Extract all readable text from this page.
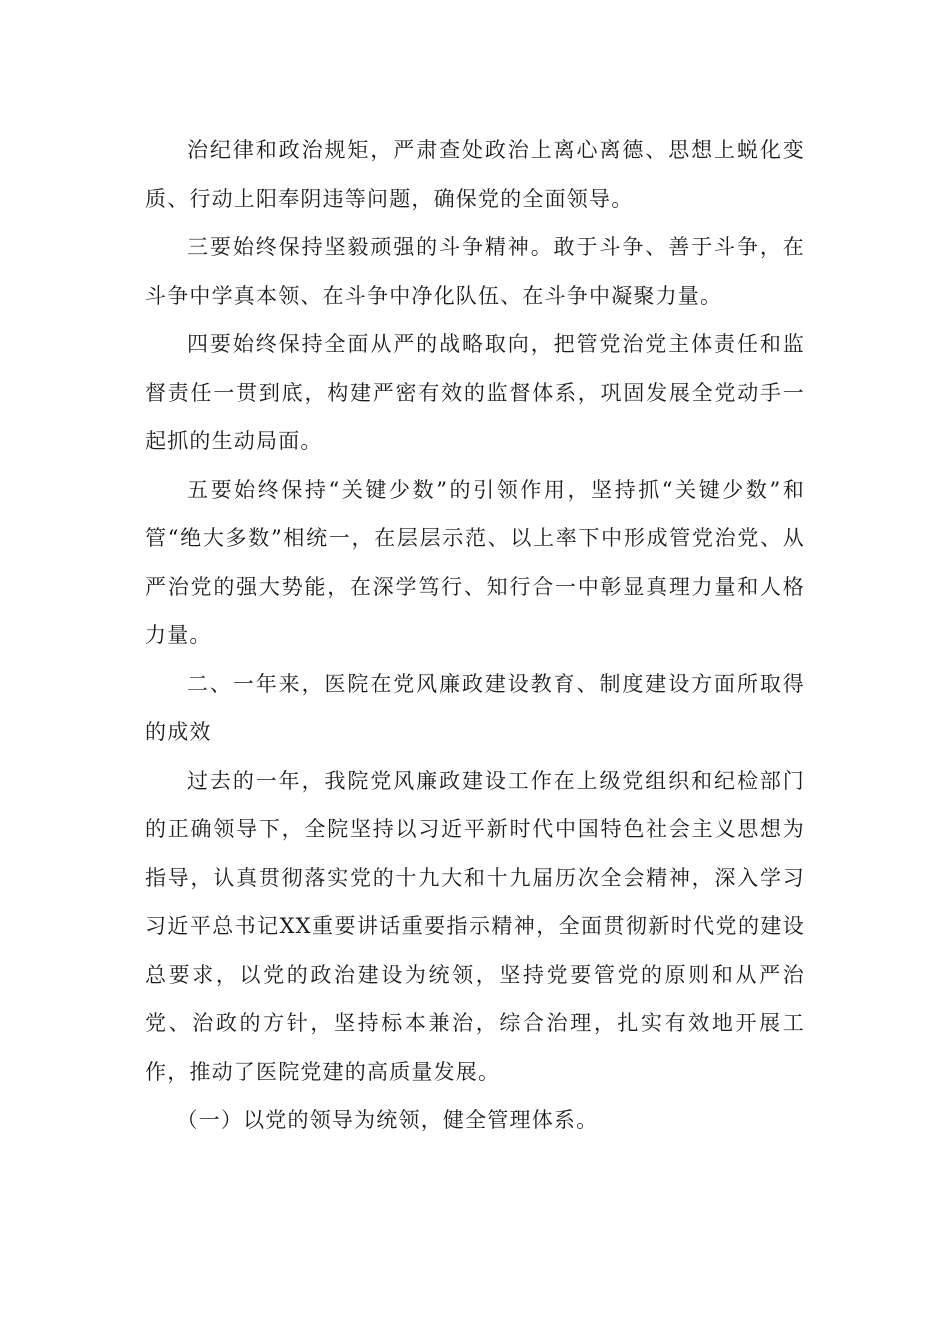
治纪律和政治规矩，严肃查处政治上离心离德、思想上蜕化变质、行动上阳奉阴违等问题，确保党的全面领导。

三要始终保持坚毅顽强的斗争精神。敢于斗争、善于斗争，在斗争中学真本领、在斗争中净化队伍、在斗争中凝聚力量。

四要始终保持全面从严的战略取向，把管党治党主体责任和监督责任一贯到底，构建严密有效的监督体系，巩固发展全党动手一起抓的生动局面。

五要始终保持“关键少数”的引领作用，坚持抓“关键少数”和管“绝大多数”相统一，在层层示范、以上率下中形成管党治党、从严治党的强大势能，在深学笃行、知行合一中彰显真理力量和人格力量。

二、一年来，医院在党风廉政建设教育、制度建设方面所取得的成效

过去的一年，我院党风廉政建设工作在上级党组织和纪检部门的正确领导下，全院坚持以习近平新时代中国特色社会主义思想为指导，认真贯彻落实党的十九大和十九届历次全会精神，深入学习习近平总书记XX重要讲话重要指示精神，全面贯彻新时代党的建设总要求，以党的政治建设为统领，坚持党要管党的原则和从严治党、治政的方针，坚持标本兼治，综合治理，扎实有效地开展工作，推动了医院党建的高质量发展。

（一）以党的领导为统领，健全管理体系。
